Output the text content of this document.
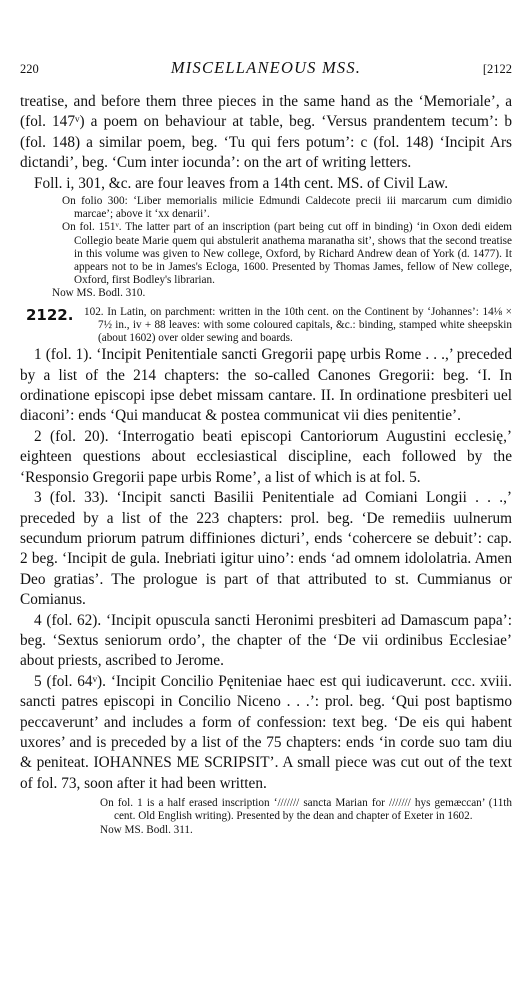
220	MISCELLANEOUS MSS.	[2122

treatise, and before them three pieces in the same hand as the ‘Memoriale’, a (fol. 147ᵛ) a poem on behaviour at table, beg. ‘Versus prandentem tecum’: b (fol. 148) a similar poem, beg. ‘Tu qui fers potum’: c (fol. 148) ‘Incipit Ars dictandi’, beg. ‘Cum inter iocunda’: on the art of writing letters.

Foll. i, 301, &c. are four leaves from a 14th cent. MS. of Civil Law.

On folio 300: ‘Liber memorialis milicie Edmundi Caldecote precii iii marcarum cum dimidio marcae’; above it ‘xx denarii’.

On fol. 151ᵛ. The latter part of an inscription (part being cut off in binding) ‘in Oxon dedi eidem Collegio beate Marie quem qui abstulerit anathema maranatha sit’, shows that the second treatise in this volume was given to New college, Oxford, by Richard Andrew dean of York (d. 1477). It appears not to be in James's Ecloga, 1600. Presented by Thomas James, fellow of New college, Oxford, first Bodley's librarian.

Now MS. Bodl. 310.

2122. 102. In Latin, on parchment: written in the 10th cent. on the Continent by ‘Johannes’: 14⅛ × 7½ in., iv + 88 leaves: with some coloured capitals, &c.: binding, stamped white sheepskin (about 1602) over older sewing and boards.

1 (fol. 1). ‘Incipit Penitentiale sancti Gregorii papę urbis Rome . . .,’ preceded by a list of the 214 chapters: the so-called Canones Gregorii: beg. ‘I. In ordinatione episcopi ipse debet missam cantare. II. In ordinatione presbiteri uel diaconi’: ends ‘Qui manducat & postea communicat vii dies penitentie’.

2 (fol. 20). ‘Interrogatio beati episcopi Cantoriorum Augustini ecclesię,’ eighteen questions about ecclesiastical discipline, each followed by the ‘Responsio Gregorii pape urbis Rome’, a list of which is at fol. 5.

3 (fol. 33). ‘Incipit sancti Basilii Penitentiale ad Comiani Longii . . .,’ preceded by a list of the 223 chapters: prol. beg. ‘De remediis uulnerum secundum priorum patrum diffiniones dicturi’, ends ‘cohercere se debuit’: cap. 2 beg. ‘Incipit de gula. Inebriati igitur uino’: ends ‘ad omnem idololatria. Amen Deo gratias’. The prologue is part of that attributed to st. Cummianus or Comianus.

4 (fol. 62). ‘Incipit opuscula sancti Heronimi presbiteri ad Damascum papa’: beg. ‘Sextus seniorum ordo’, the chapter of the ‘De vii ordinibus Ecclesiae’ about priests, ascribed to Jerome.

5 (fol. 64ᵛ). ‘Incipit Concilio Pęniteniae haec est qui iudicaverunt. ccc. xviii. sancti patres episcopi in Concilio Niceno . . .’: prol. beg. ‘Qui post baptismo peccaverunt’ and includes a form of confession: text beg. ‘De eis qui habent uxores’ and is preceded by a list of the 75 chapters: ends ‘in corde suo tam diu & peniteat. IOHANNES ME SCRIPSIT’. A small piece was cut out of the text of fol. 73, soon after it had been written.

On fol. 1 is a half erased inscription ‘/////// sancta Marian for /////// hys gemæccan’ (11th cent. Old English writing). Presented by the dean and chapter of Exeter in 1602.

Now MS. Bodl. 311.
